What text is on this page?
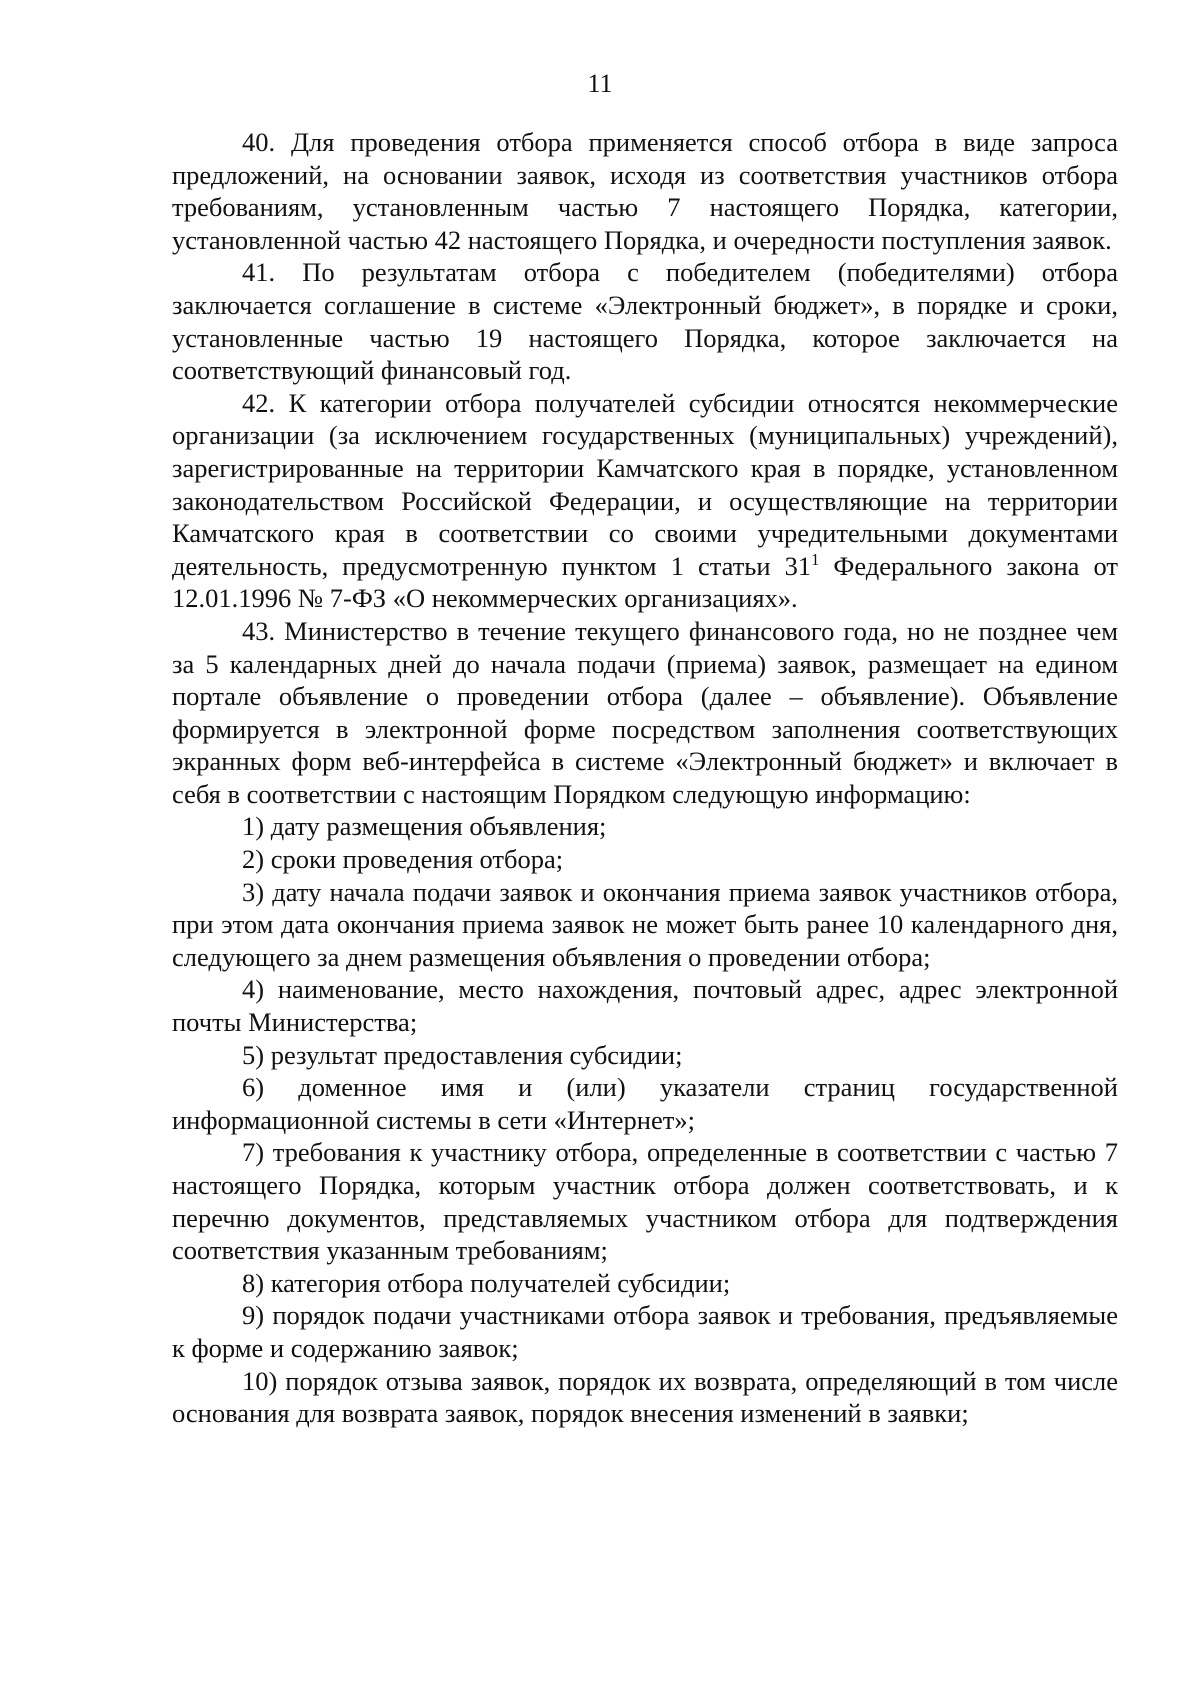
11

40. Для проведения отбора применяется способ отбора в виде запроса предложений, на основании заявок, исходя из соответствия участников отбора требованиям, установленным частью 7 настоящего Порядка, категории, установленной частью 42 настоящего Порядка, и очередности поступления заявок.

41. По результатам отбора с победителем (победителями) отбора заключается соглашение в системе «Электронный бюджет», в порядке и сроки, установленные частью 19 настоящего Порядка, которое заключается на соответствующий финансовый год.

42. К категории отбора получателей субсидии относятся некоммерческие организации (за исключением государственных (муниципальных) учреждений), зарегистрированные на территории Камчатского края в порядке, установленном законодательством Российской Федерации, и осуществляющие на территории Камчатского края в соответствии со своими учредительными документами деятельность, предусмотренную пунктом 1 статьи $31^1$ Федерального закона от 12.01.1996 № 7-ФЗ «О некоммерческих организациях».

43. Министерство в течение текущего финансового года, но не позднее чем за 5 календарных дней до начала подачи (приема) заявок, размещает на едином портале объявление о проведении отбора (далее – объявление). Объявление формируется в электронной форме посредством заполнения соответствующих экранных форм веб-интерфейса в системе «Электронный бюджет» и включает в себя в соответствии с настоящим Порядком следующую информацию:

1) дату размещения объявления;

2) сроки проведения отбора;

3) дату начала подачи заявок и окончания приема заявок участников отбора, при этом дата окончания приема заявок не может быть ранее 10 календарного дня, следующего за днем размещения объявления о проведении отбора;

4) наименование, место нахождения, почтовый адрес, адрес электронной почты Министерства;

5) результат предоставления субсидии;

6) доменное имя и (или) указатели страниц государственной информационной системы в сети «Интернет»;

7) требования к участнику отбора, определенные в соответствии с частью 7 настоящего Порядка, которым участник отбора должен соответствовать, и к перечню документов, представляемых участником отбора для подтверждения соответствия указанным требованиям;

8) категория отбора получателей субсидии;

9) порядок подачи участниками отбора заявок и требования, предъявляемые к форме и содержанию заявок;

10) порядок отзыва заявок, порядок их возврата, определяющий в том числе основания для возврата заявок, порядок внесения изменений в заявки;
